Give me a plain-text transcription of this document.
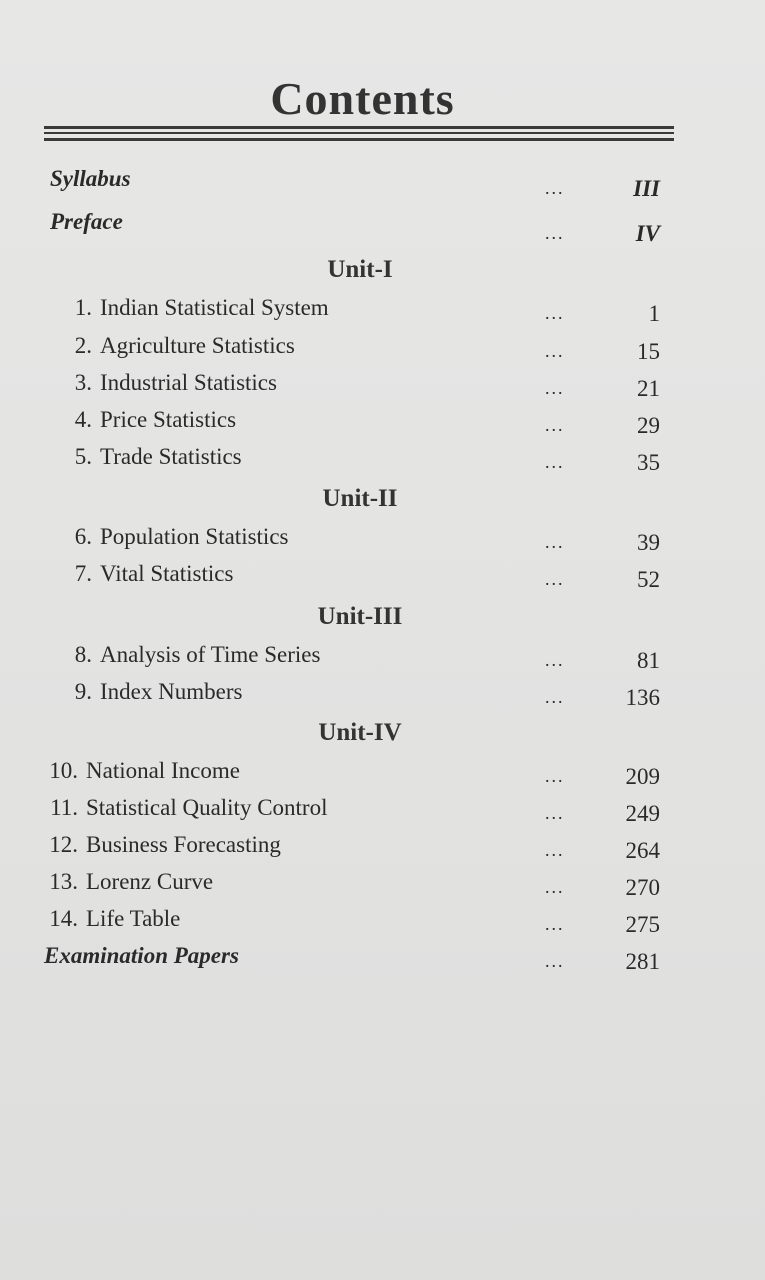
Contents
Syllabus	...	III
Preface	...	IV
Unit-I
1. Indian Statistical System	...	1
2. Agriculture Statistics	...	15
3. Industrial Statistics	...	21
4. Price Statistics	...	29
5. Trade Statistics	...	35
Unit-II
6. Population Statistics	...	39
7. Vital Statistics	...	52
Unit-III
8. Analysis of Time Series	...	81
9. Index Numbers	...	136
Unit-IV
10. National Income	...	209
11. Statistical Quality Control	...	249
12. Business Forecasting	...	264
13. Lorenz Curve	...	270
14. Life Table	...	275
Examination Papers	...	281
